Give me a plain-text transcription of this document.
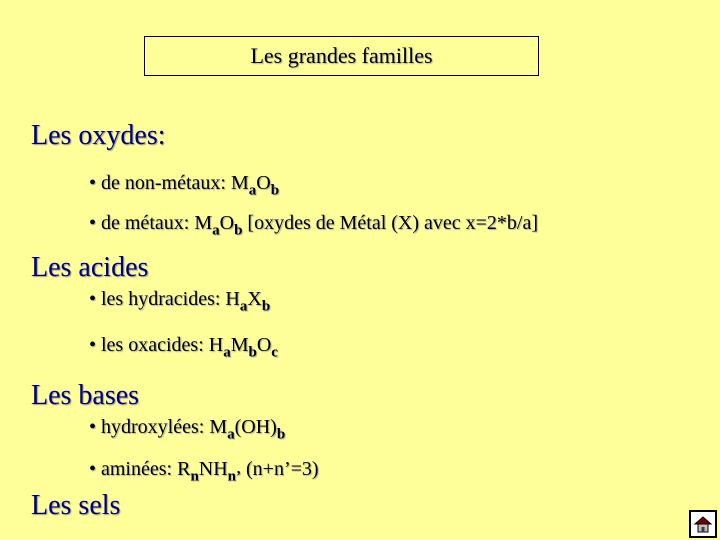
Les grandes familles
Les oxydes:
• de non-métaux: $M_aO_b$
• de métaux: $M_aO_b$ [oxydes de Métal (X) avec x=2*b/a]
Les acides
• les hydracides: $H_aX_b$
• les oxacides: $H_aM_bO_c$
Les bases
• hydroxylées: $M_a(OH)_b$
• aminées: $R_nNH_{n’}$ (n+n’=3)
Les sels
